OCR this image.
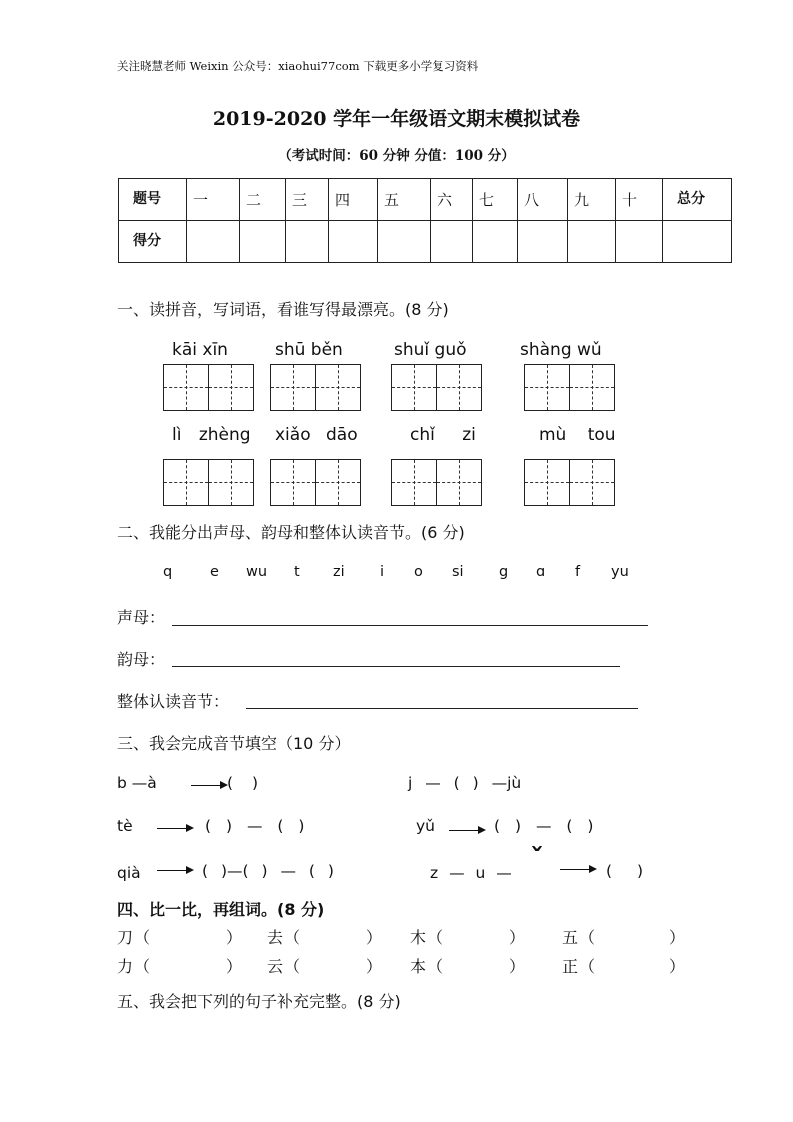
关注晓慧老师 Weixin 公众号：xiaohui77com 下载更多小学复习资料
2019-2020 学年一年级语文期末模拟试卷
（考试时间：60 分钟 分值：100 分）
题号	一	二	三	四	五	六	七	八	九	十	总分
得分											
一、读拼音，写词语，看谁写得最漂亮。(8 分)
kāi xīn	shū běn	shuǐ guǒ	shàng wǔ
lì zhèng xiǎo dāo	chǐ zi	mù tou
二、我能分出声母、韵母和整体认读音节。(6 分)
q	e wu t zi i o si g ɑ f yu
声母：
韵母：
整体认读音节：
三、我会完成音节填空（10 分）
b —à	( )	j — ( ) —jù
tè	( ) — ( )	yǔ	( ) — ( )
qià	( )—( ) — ( )	z — u — ˇ	( )
四、比一比，再组词。(8 分)
刀 （	） 去 （	） 木 （	） 五 （	）
力 （	） 云 （	） 本 （	） 正 （	）
五、我会把下列的句子补充完整。(8 分)
